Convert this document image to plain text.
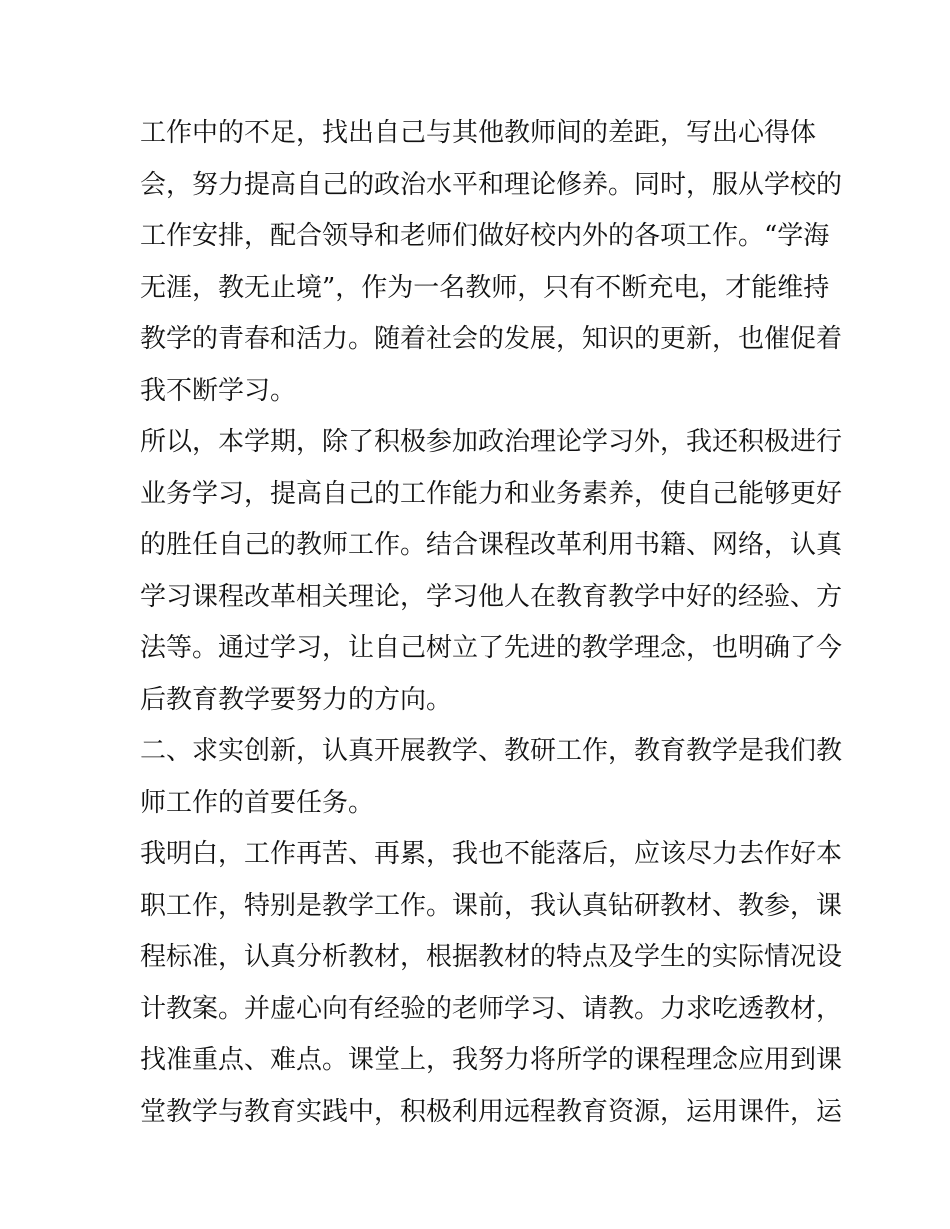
工作中的不足，找出自己与其他教师间的差距，写出心得体
会，努力提高自己的政治水平和理论修养。同时，服从学校的
工作安排，配合领导和老师们做好校内外的各项工作。“学海
无涯，教无止境”，作为一名教师，只有不断充电，才能维持
教学的青春和活力。随着社会的发展，知识的更新，也催促着
我不断学习。
所以，本学期，除了积极参加政治理论学习外，我还积极进行
业务学习，提高自己的工作能力和业务素养，使自己能够更好
的胜任自己的教师工作。结合课程改革利用书籍、网络，认真
学习课程改革相关理论，学习他人在教育教学中好的经验、方
法等。通过学习，让自己树立了先进的教学理念，也明确了今
后教育教学要努力的方向。
二、求实创新，认真开展教学、教研工作，教育教学是我们教
师工作的首要任务。
我明白，工作再苦、再累，我也不能落后，应该尽力去作好本
职工作，特别是教学工作。课前，我认真钻研教材、教参，课
程标准，认真分析教材，根据教材的特点及学生的实际情况设
计教案。并虚心向有经验的老师学习、请教。力求吃透教材，
找准重点、难点。课堂上，我努力将所学的课程理念应用到课
堂教学与教育实践中，积极利用远程教育资源，运用课件，运
